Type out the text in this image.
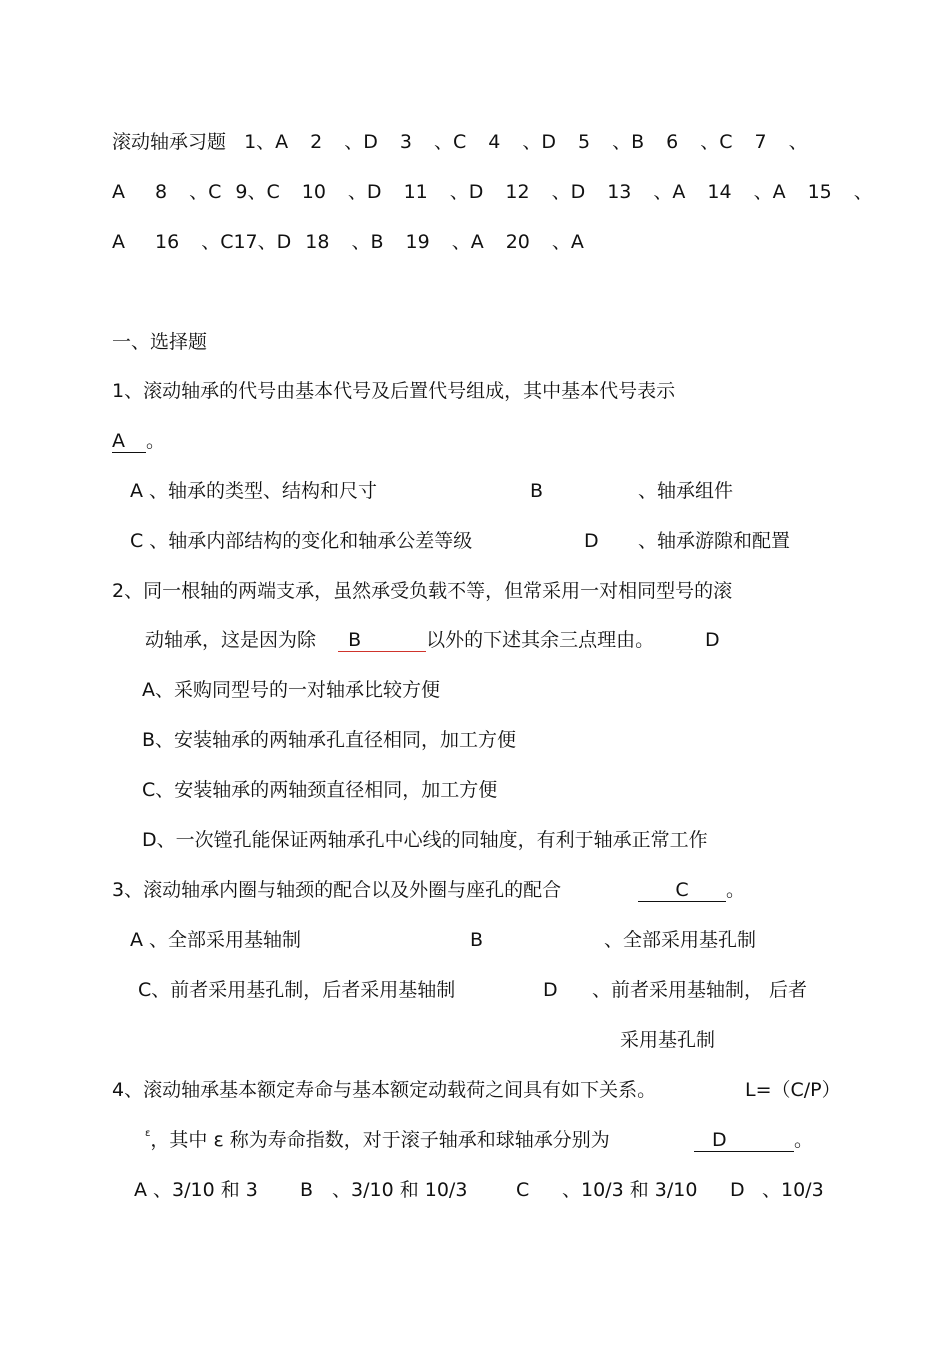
滚动轴承习题 1、A 2 、D 3 、C 4 、D 5 、B 6 、C 7 、
A 8 、C 9、C 10 、D 11 、D 12 、D 13 、A 14 、A 15 、
A 16 、C17、D 18 、B 19 、A 20 、A
一、选择题
1、滚动轴承的代号由基本代号及后置代号组成，其中基本代号表示
A 。
A 、轴承的类型、结构和尺寸	B	、轴承组件
C 、轴承内部结构的变化和轴承公差等级	D 、轴承游隙和配置
2、同一根轴的两端支承，虽然承受负载不等，但常采用一对相同型号的滚
动轴承，这是因为除 B	以外的下述其余三点理由。	D
A、采购同型号的一对轴承比较方便
B、安装轴承的两轴承孔直径相同，加工方便
C、安装轴承的两轴颈直径相同，加工方便
D、一次镗孔能保证两轴承孔中心线的同轴度，有利于轴承正常工作
3、滚动轴承内圈与轴颈的配合以及外圈与座孔的配合	C 。
A 、全部采用基轴制	B	、全部采用基孔制
C、前者采用基孔制，后者采用基轴制	D 、前者采用基轴制， 后者
采用基孔制
4、滚动轴承基本额定寿命与基本额定动载荷之间具有如下关系。	L=（C/P）
$^\varepsilon$，其中 ε 称为寿命指数，对于滚子轴承和球轴承分别为	D	。
A 、3/10 和 3 B 、3/10 和 10/3	C 、10/3 和 3/10 D 、10/3
